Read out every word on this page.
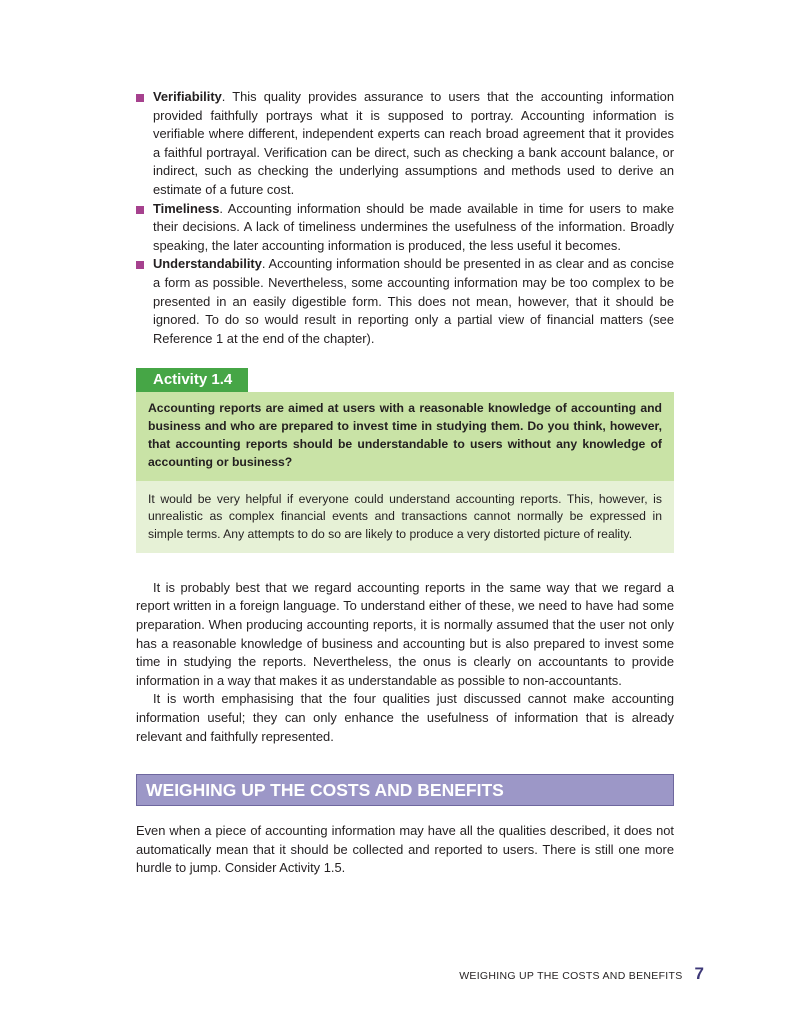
Verifiability. This quality provides assurance to users that the accounting information provided faithfully portrays what it is supposed to portray. Accounting information is verifiable where different, independent experts can reach broad agreement that it provides a faithful portrayal. Verification can be direct, such as checking a bank account balance, or indirect, such as checking the underlying assumptions and methods used to derive an estimate of a future cost.
Timeliness. Accounting information should be made available in time for users to make their decisions. A lack of timeliness undermines the usefulness of the information. Broadly speaking, the later accounting information is produced, the less useful it becomes.
Understandability. Accounting information should be presented in as clear and as concise a form as possible. Nevertheless, some accounting information may be too complex to be presented in an easily digestible form. This does not mean, however, that it should be ignored. To do so would result in reporting only a partial view of financial matters (see Reference 1 at the end of the chapter).
Activity 1.4
Accounting reports are aimed at users with a reasonable knowledge of accounting and business and who are prepared to invest time in studying them. Do you think, however, that accounting reports should be understandable to users without any knowledge of accounting or business?
It would be very helpful if everyone could understand accounting reports. This, however, is unrealistic as complex financial events and transactions cannot normally be expressed in simple terms. Any attempts to do so are likely to produce a very distorted picture of reality.

It is probably best that we regard accounting reports in the same way that we regard a report written in a foreign language. To understand either of these, we need to have had some preparation. When producing accounting reports, it is normally assumed that the user not only has a reasonable knowledge of business and accounting but is also prepared to invest some time in studying the reports. Nevertheless, the onus is clearly on accountants to provide information in a way that makes it as understandable as possible to non-accountants.

It is worth emphasising that the four qualities just discussed cannot make accounting information useful; they can only enhance the usefulness of information that is already relevant and faithfully represented.

WEIGHING UP THE COSTS AND BENEFITS

Even when a piece of accounting information may have all the qualities described, it does not automatically mean that it should be collected and reported to users. There is still one more hurdle to jump. Consider Activity 1.5.

WEIGHING UP THE COSTS AND BENEFITS 7
